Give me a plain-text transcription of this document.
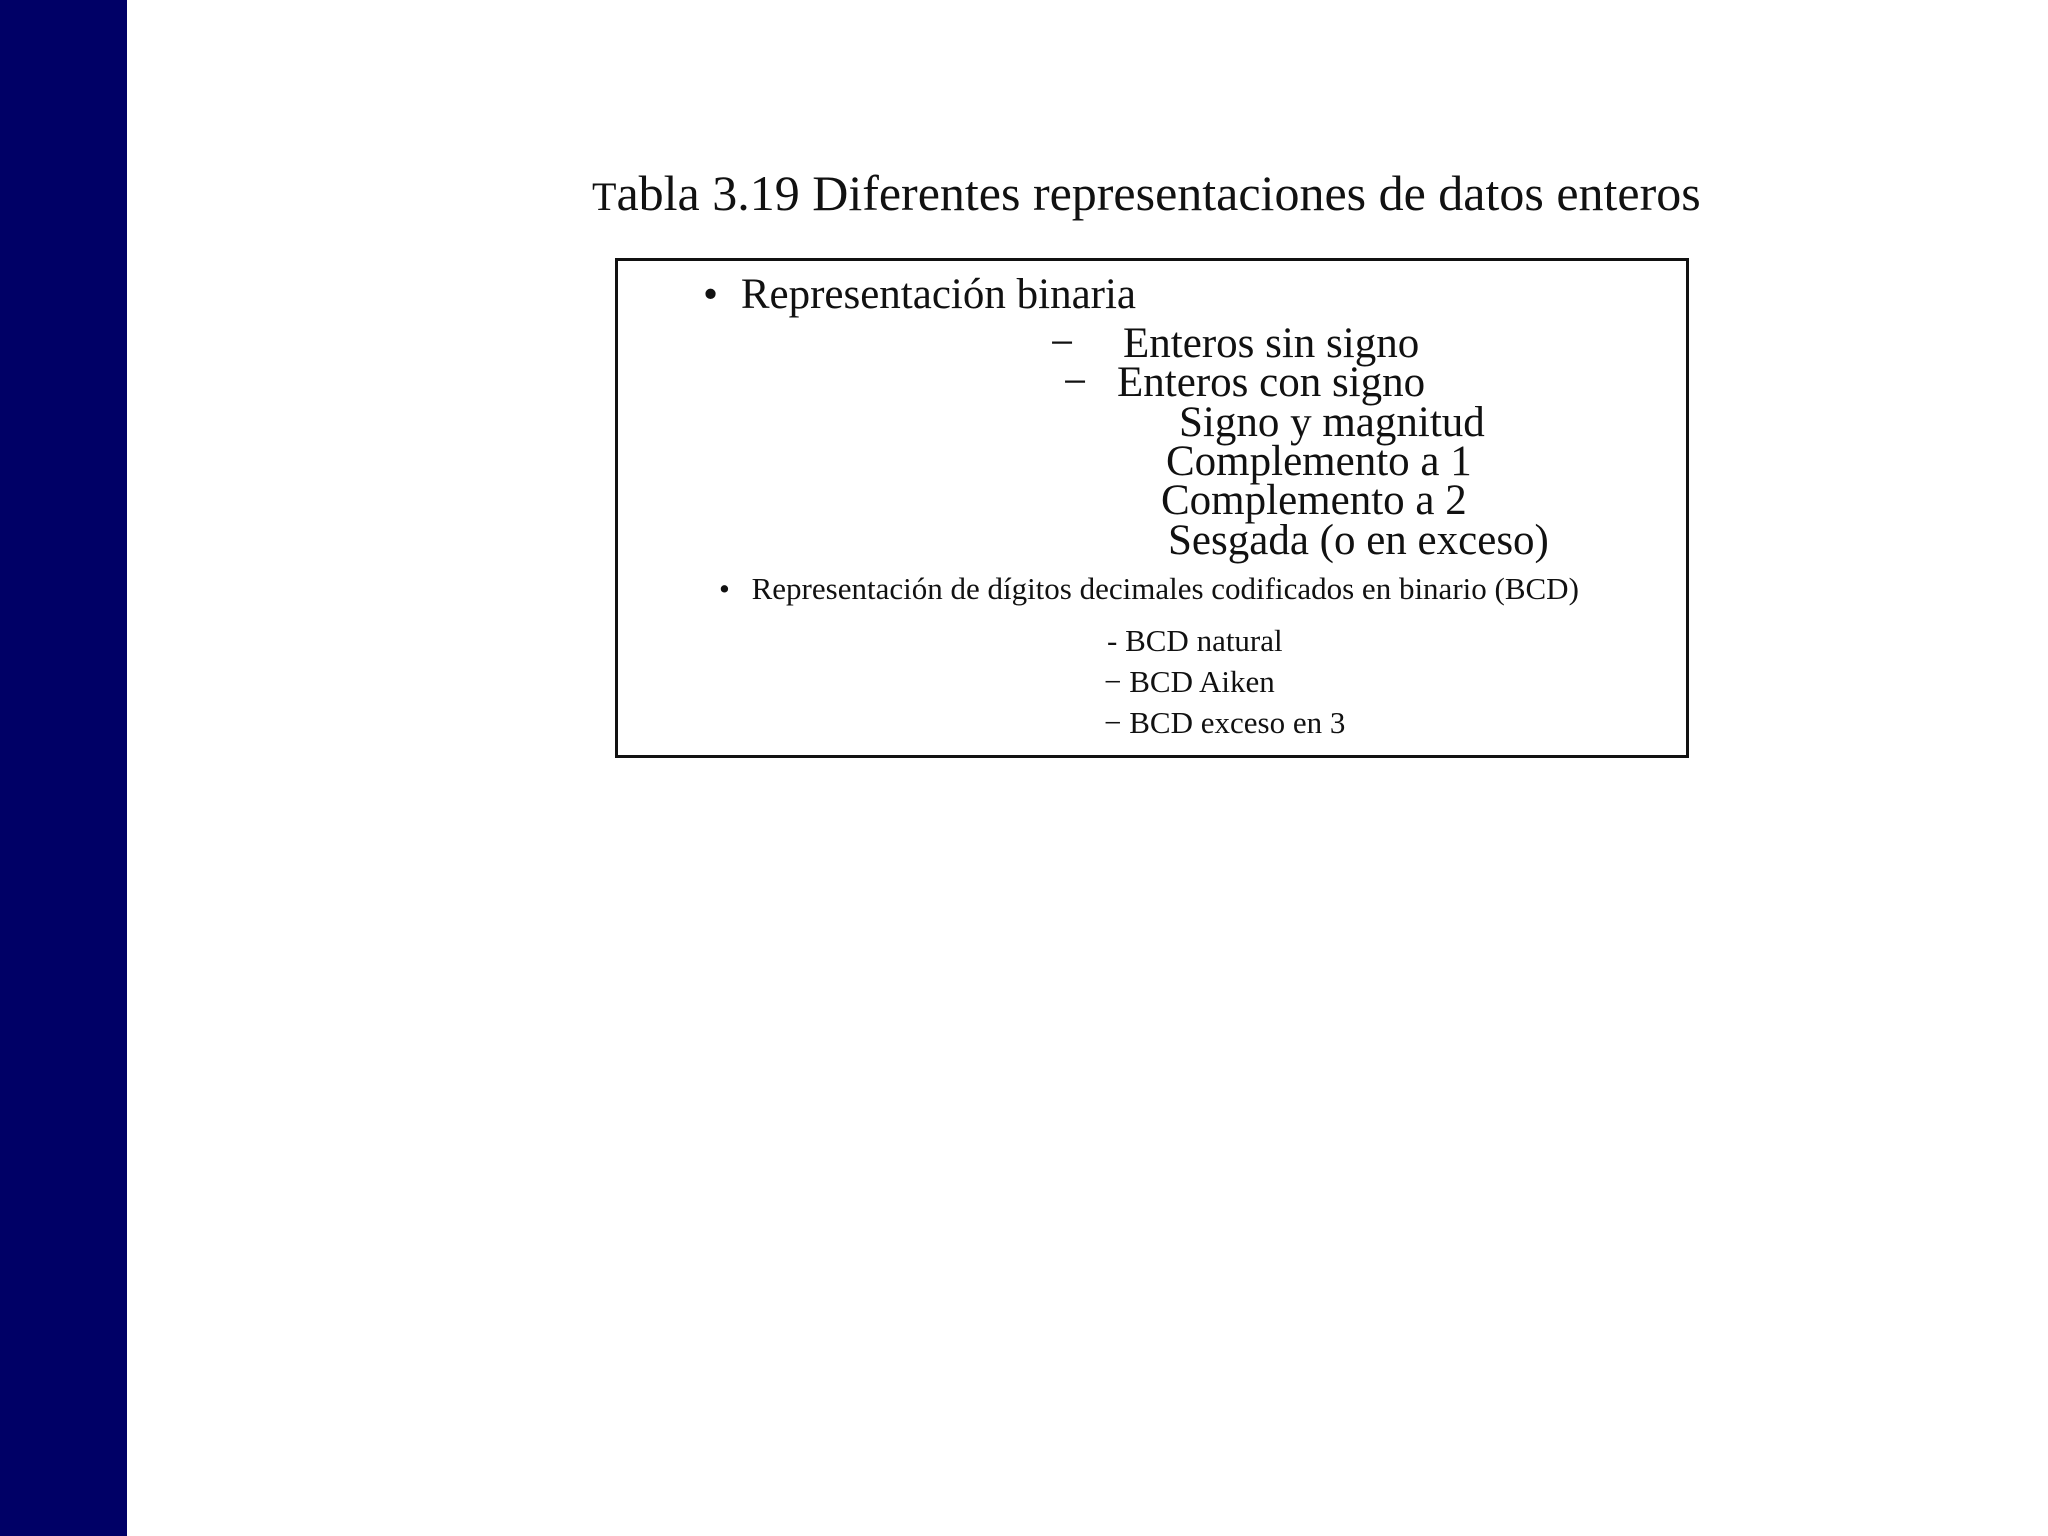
Tabla 3.19 Diferentes representaciones de datos enteros

• Representación binaria

− Enteros sin signo

− Enteros con signo

Signo y magnitud

Complemento a 1

Complemento a 2

Sesgada (o en exceso)

• Representación de dígitos decimales codificados en binario (BCD)

- BCD natural

− BCD Aiken

− BCD exceso en 3
